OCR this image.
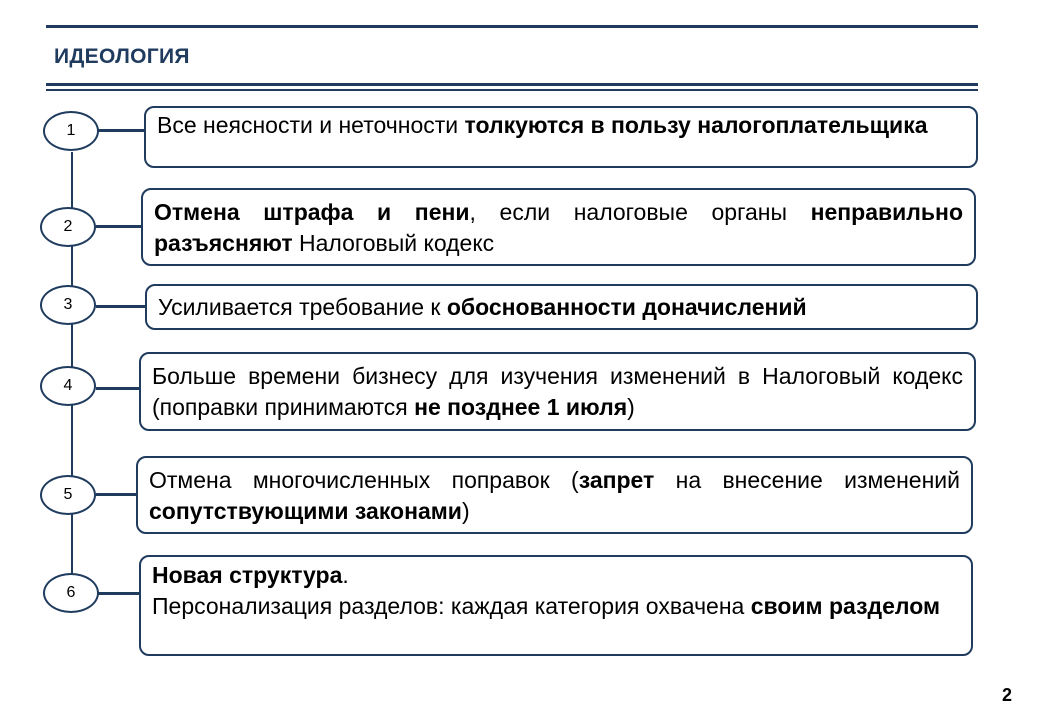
ИДЕОЛОГИЯ
1	Все неясности и неточности толкуются в пользу налогоплательщика
2
Отмена штрафа и пени, если налоговые органы неправильно разъясняют Налоговый кодекс
3	Усиливается требование к обоснованности доначислений
4	Больше времени бизнесу для изучения изменений в Налоговый кодекс (поправки принимаются не позднее 1 июля)
5
Отмена многочисленных поправок (запрет на внесение изменений сопутствующими законами)
6
Новая структура.
Персонализация разделов: каждая категория охвачена своим разделом
2
